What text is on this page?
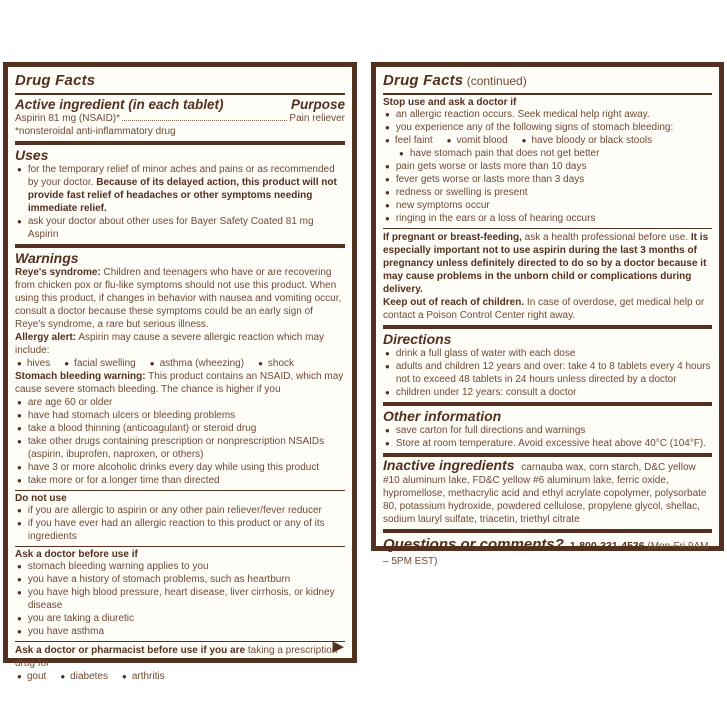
Drug Facts
Active ingredient (in each tablet)	Purpose
Aspirin 81 mg (NSAID)*	Pain reliever
*nonsteroidal anti-inflammatory drug
Uses
● for the temporary relief of minor aches and pains or as recommended by your doctor. Because of its delayed action, this product will not provide fast relief of headaches or other symptoms needing immediate relief.
● ask your doctor about other uses for Bayer Safety Coated 81 mg Aspirin
Warnings
Reye's syndrome: Children and teenagers who have or are recovering from chicken pox or flu-like symptoms should not use this product. When using this product, if changes in behavior with nausea and vomiting occur, consult a doctor because these symptoms could be an early sign of Reye's syndrome, a rare but serious illness.
Allergy alert: Aspirin may cause a severe allergic reaction which may include:
● hives ● facial swelling ● asthma (wheezing) ● shock
Stomach bleeding warning: This product contains an NSAID, which may cause severe stomach bleeding. The chance is higher if you
● are age 60 or older
● have had stomach ulcers or bleeding problems
● take a blood thinning (anticoagulant) or steroid drug
● take other drugs containing prescription or nonprescription NSAIDs (aspirin, ibuprofen, naproxen, or others)
● have 3 or more alcoholic drinks every day while using this product
● take more or for a longer time than directed
Do not use
● if you are allergic to aspirin or any other pain reliever/fever reducer
● if you have ever had an allergic reaction to this product or any of its ingredients
Ask a doctor before use if
● stomach bleeding warning applies to you
● you have a history of stomach problems, such as heartburn
● you have high blood pressure, heart disease, liver cirrhosis, or kidney disease
● you are taking a diuretic
● you have asthma
Ask a doctor or pharmacist before use if you are taking a prescription drug for
● gout ● diabetes ● arthritis
▶
Drug Facts (continued)
Stop use and ask a doctor if
● an allergic reaction occurs. Seek medical help right away.
● you experience any of the following signs of stomach bleeding:
● feel faint ● vomit blood ● have bloody or black stools
● have stomach pain that does not get better
● pain gets worse or lasts more than 10 days
● fever gets worse or lasts more than 3 days
● redness or swelling is present
● new symptoms occur
● ringing in the ears or a loss of hearing occurs
If pregnant or breast-feeding, ask a health professional before use. It is especially important not to use aspirin during the last 3 months of pregnancy unless definitely directed to do so by a doctor because it may cause problems in the unborn child or complications during delivery.
Keep out of reach of children. In case of overdose, get medical help or contact a Poison Control Center right away.
Directions
● drink a full glass of water with each dose
● adults and children 12 years and over: take 4 to 8 tablets every 4 hours not to exceed 48 tablets in 24 hours unless directed by a doctor
● children under 12 years: consult a doctor
Other information
● save carton for full directions and warnings
● Store at room temperature. Avoid excessive heat above 40°C (104°F).
Inactive ingredients carnauba wax, corn starch, D&C yellow #10 aluminum lake, FD&C yellow #6 aluminum lake, ferric oxide, hypromellose, methacrylic acid and ethyl acrylate copolymer, polysorbate 80, potassium hydroxide, powdered cellulose, propylene glycol, shellac, sodium lauryl sulfate, triacetin, triethyl citrate
Questions or comments? 1-800-331-4536 (Mon-Fri 9AM – 5PM EST)
